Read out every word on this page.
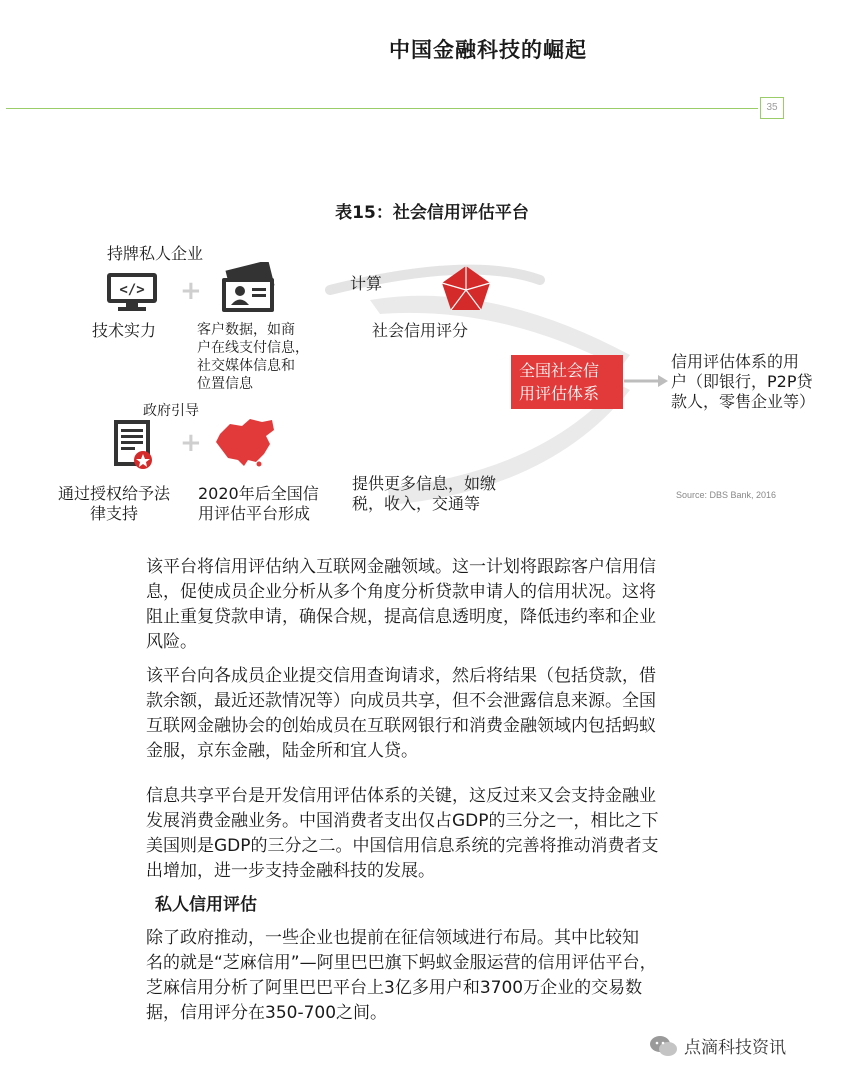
中国金融科技的崛起
35
表15：社会信用评估平台
持牌私人企业
</> +
技术实力	客户数据，如商
户在线支付信息，
社交媒体信息和
位置信息
计算
社会信用评分
全国社会信
用评估体系
信用评估体系的用
户（即银行，P2P贷
款人，零售企业等）
政府引导
+
通过授权给予法
律支持
2020年后全国信
用评估平台形成
提供更多信息，如缴
税，收入，交通等	Source: DBS Bank, 2016
该平台将信用评估纳入互联网金融领域。这一计划将跟踪客户信用信
息，促使成员企业分析从多个角度分析贷款申请人的信用状况。这将
阻止重复贷款申请，确保合规，提高信息透明度，降低违约率和企业
风险。
该平台向各成员企业提交信用查询请求，然后将结果（包括贷款，借
款余额，最近还款情况等）向成员共享，但不会泄露信息来源。全国
互联网金融协会的创始成员在互联网银行和消费金融领域内包括蚂蚁
金服，京东金融，陆金所和宜人贷。
信息共享平台是开发信用评估体系的关键，这反过来又会支持金融业
发展消费金融业务。中国消费者支出仅占GDP的三分之一，相比之下
美国则是GDP的三分之二。中国信用信息系统的完善将推动消费者支
出增加，进一步支持金融科技的发展。
私人信用评估
除了政府推动，一些企业也提前在征信领域进行布局。其中比较知
名的就是“芝麻信用”—阿里巴巴旗下蚂蚁金服运营的信用评估平台，
芝麻信用分析了阿里巴巴平台上3亿多用户和3700万企业的交易数
据，信用评分在350-700之间。
点滴科技资讯
